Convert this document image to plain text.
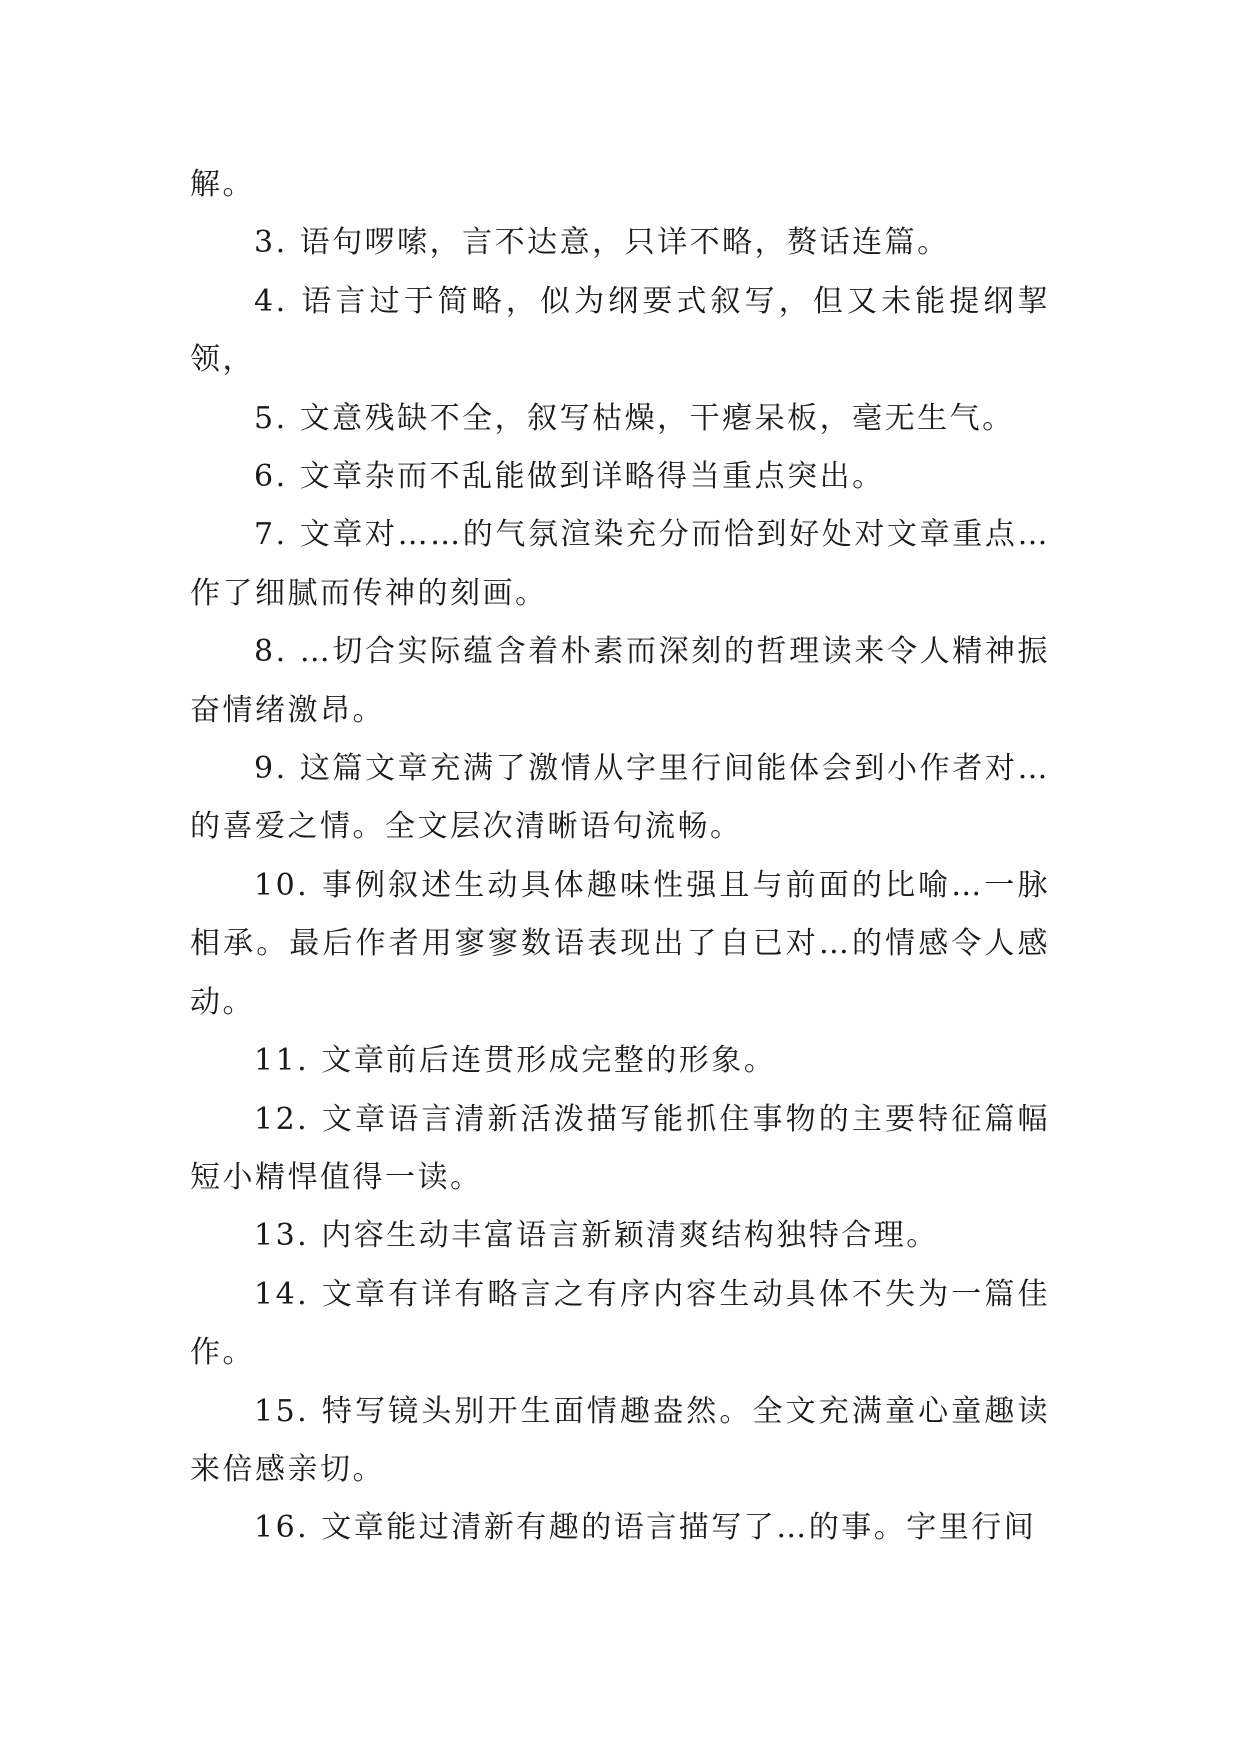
解。

3. 语句啰嗦，言不达意，只详不略，赘话连篇。

4. 语言过于简略，似为纲要式叙写，但又未能提纲挈领，

5. 文意残缺不全，叙写枯燥，干瘪呆板，毫无生气。

6. 文章杂而不乱能做到详略得当重点突出。

7. 文章对……的气氛渲染充分而恰到好处对文章重点…作了细腻而传神的刻画。

8. …切合实际蕴含着朴素而深刻的哲理读来令人精神振奋情绪激昂。

9. 这篇文章充满了激情从字里行间能体会到小作者对…的喜爱之情。全文层次清晰语句流畅。

10. 事例叙述生动具体趣味性强且与前面的比喻…一脉相承。最后作者用寥寥数语表现出了自已对…的情感令人感动。

11. 文章前后连贯形成完整的形象。

12. 文章语言清新活泼描写能抓住事物的主要特征篇幅短小精悍值得一读。

13. 内容生动丰富语言新颖清爽结构独特合理。

14. 文章有详有略言之有序内容生动具体不失为一篇佳作。

15. 特写镜头别开生面情趣盎然。全文充满童心童趣读来倍感亲切。

16. 文章能过清新有趣的语言描写了…的事。字里行间
